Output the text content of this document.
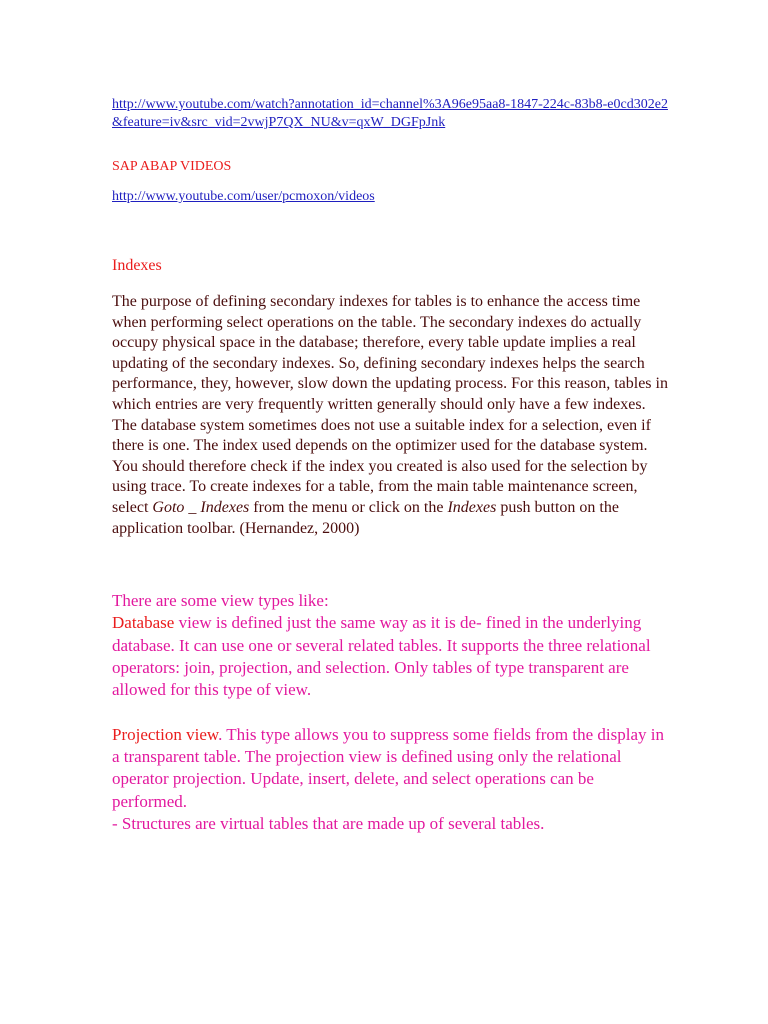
http://www.youtube.com/watch?annotation_id=channel%3A96e95aa8-1847-224c-83b8-e0cd302e2&feature=iv&src_vid=2vwjP7QX_NU&v=qxW_DGFpJnk
SAP ABAP VIDEOS
http://www.youtube.com/user/pcmoxon/videos
Indexes

The purpose of defining secondary indexes for tables is to enhance the access time when performing select operations on the table. The secondary indexes do actually occupy physical space in the database; therefore, every table update implies a real updating of the secondary indexes. So, defining secondary indexes helps the search performance, they, however, slow down the updating process. For this reason, tables in which entries are very frequently written generally should only have a few indexes.
The database system sometimes does not use a suitable index for a selection, even if there is one. The index used depends on the optimizer used for the database system. You should therefore check if the index you created is also used for the selection by using trace. To create indexes for a table, from the main table maintenance screen, select Goto _ Indexes from the menu or click on the Indexes push button on the application toolbar. (Hernandez, 2000)

There are some view types like:

Database view is defined just the same way as it is de- fined in the underlying database. It can use one or several related tables. It supports the three relational operators: join, projection, and selection. Only tables of type transparent are allowed for this type of view.

Projection view. This type allows you to suppress some fields from the display in a transparent table. The projection view is defined using only the relational operator projection. Update, insert, delete, and select operations can be performed.

- Structures are virtual tables that are made up of several tables.
